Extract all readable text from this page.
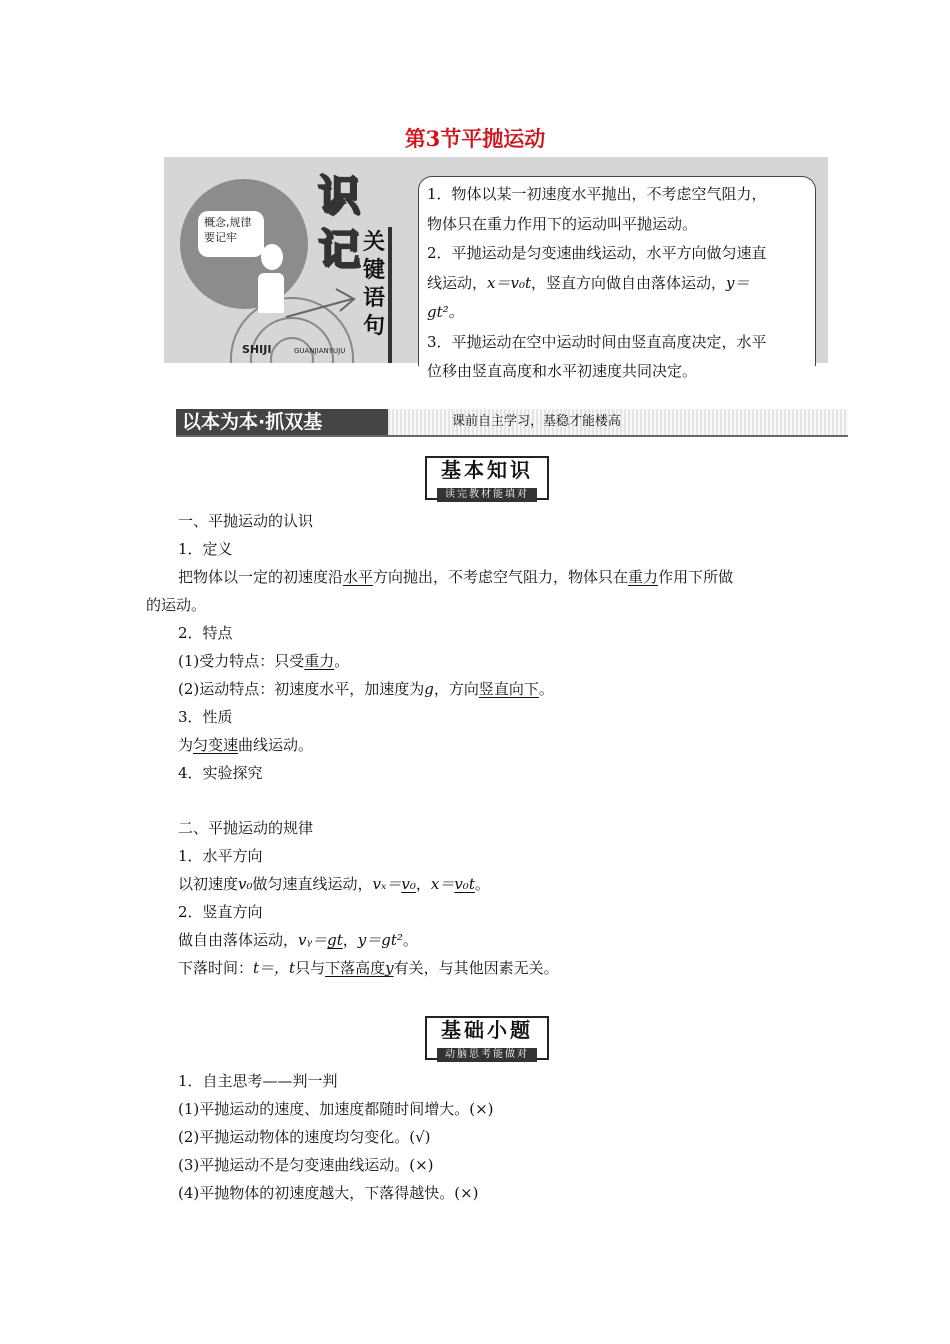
第3节平抛运动
概念,规律
要记牢
SHIJI	GUANJIANYUJU
识
记 关键语句

1．物体以某一初速度水平抛出，不考虑空气阻力，

物体只在重力作用下的运动叫平抛运动。

2．平抛运动是匀变速曲线运动，水平方向做匀速直

线运动，x＝v₀t，竖直方向做自由落体运动，y＝

gt²。

3．平抛运动在空中运动时间由竖直高度决定，水平

位移由竖直高度和水平初速度共同决定。

以本为本·抓双基	课前自主学习，基稳才能楼高
基本知识
读完教材能填对
一、平抛运动的认识
1．定义
把物体以一定的初速度沿水平方向抛出，不考虑空气阻力，物体只在重力作用下所做
的运动。
2．特点
(1)受力特点：只受重力。
(2)运动特点：初速度水平，加速度为g，方向竖直向下。
3．性质
为匀变速曲线运动。
4．实验探究
二、平抛运动的规律
1．水平方向
以初速度v₀做匀速直线运动，vₓ＝v₀，x＝v₀t。
2．竖直方向
做自由落体运动，vᵧ＝gt，y＝gt²。
下落时间：t＝，t只与下落高度y有关，与其他因素无关。
基础小题
动脑思考能做对
1．自主思考——判一判
(1)平抛运动的速度、加速度都随时间增大。(×)
(2)平抛运动物体的速度均匀变化。(√)
(3)平抛运动不是匀变速曲线运动。(×)
(4)平抛物体的初速度越大，下落得越快。(×)
